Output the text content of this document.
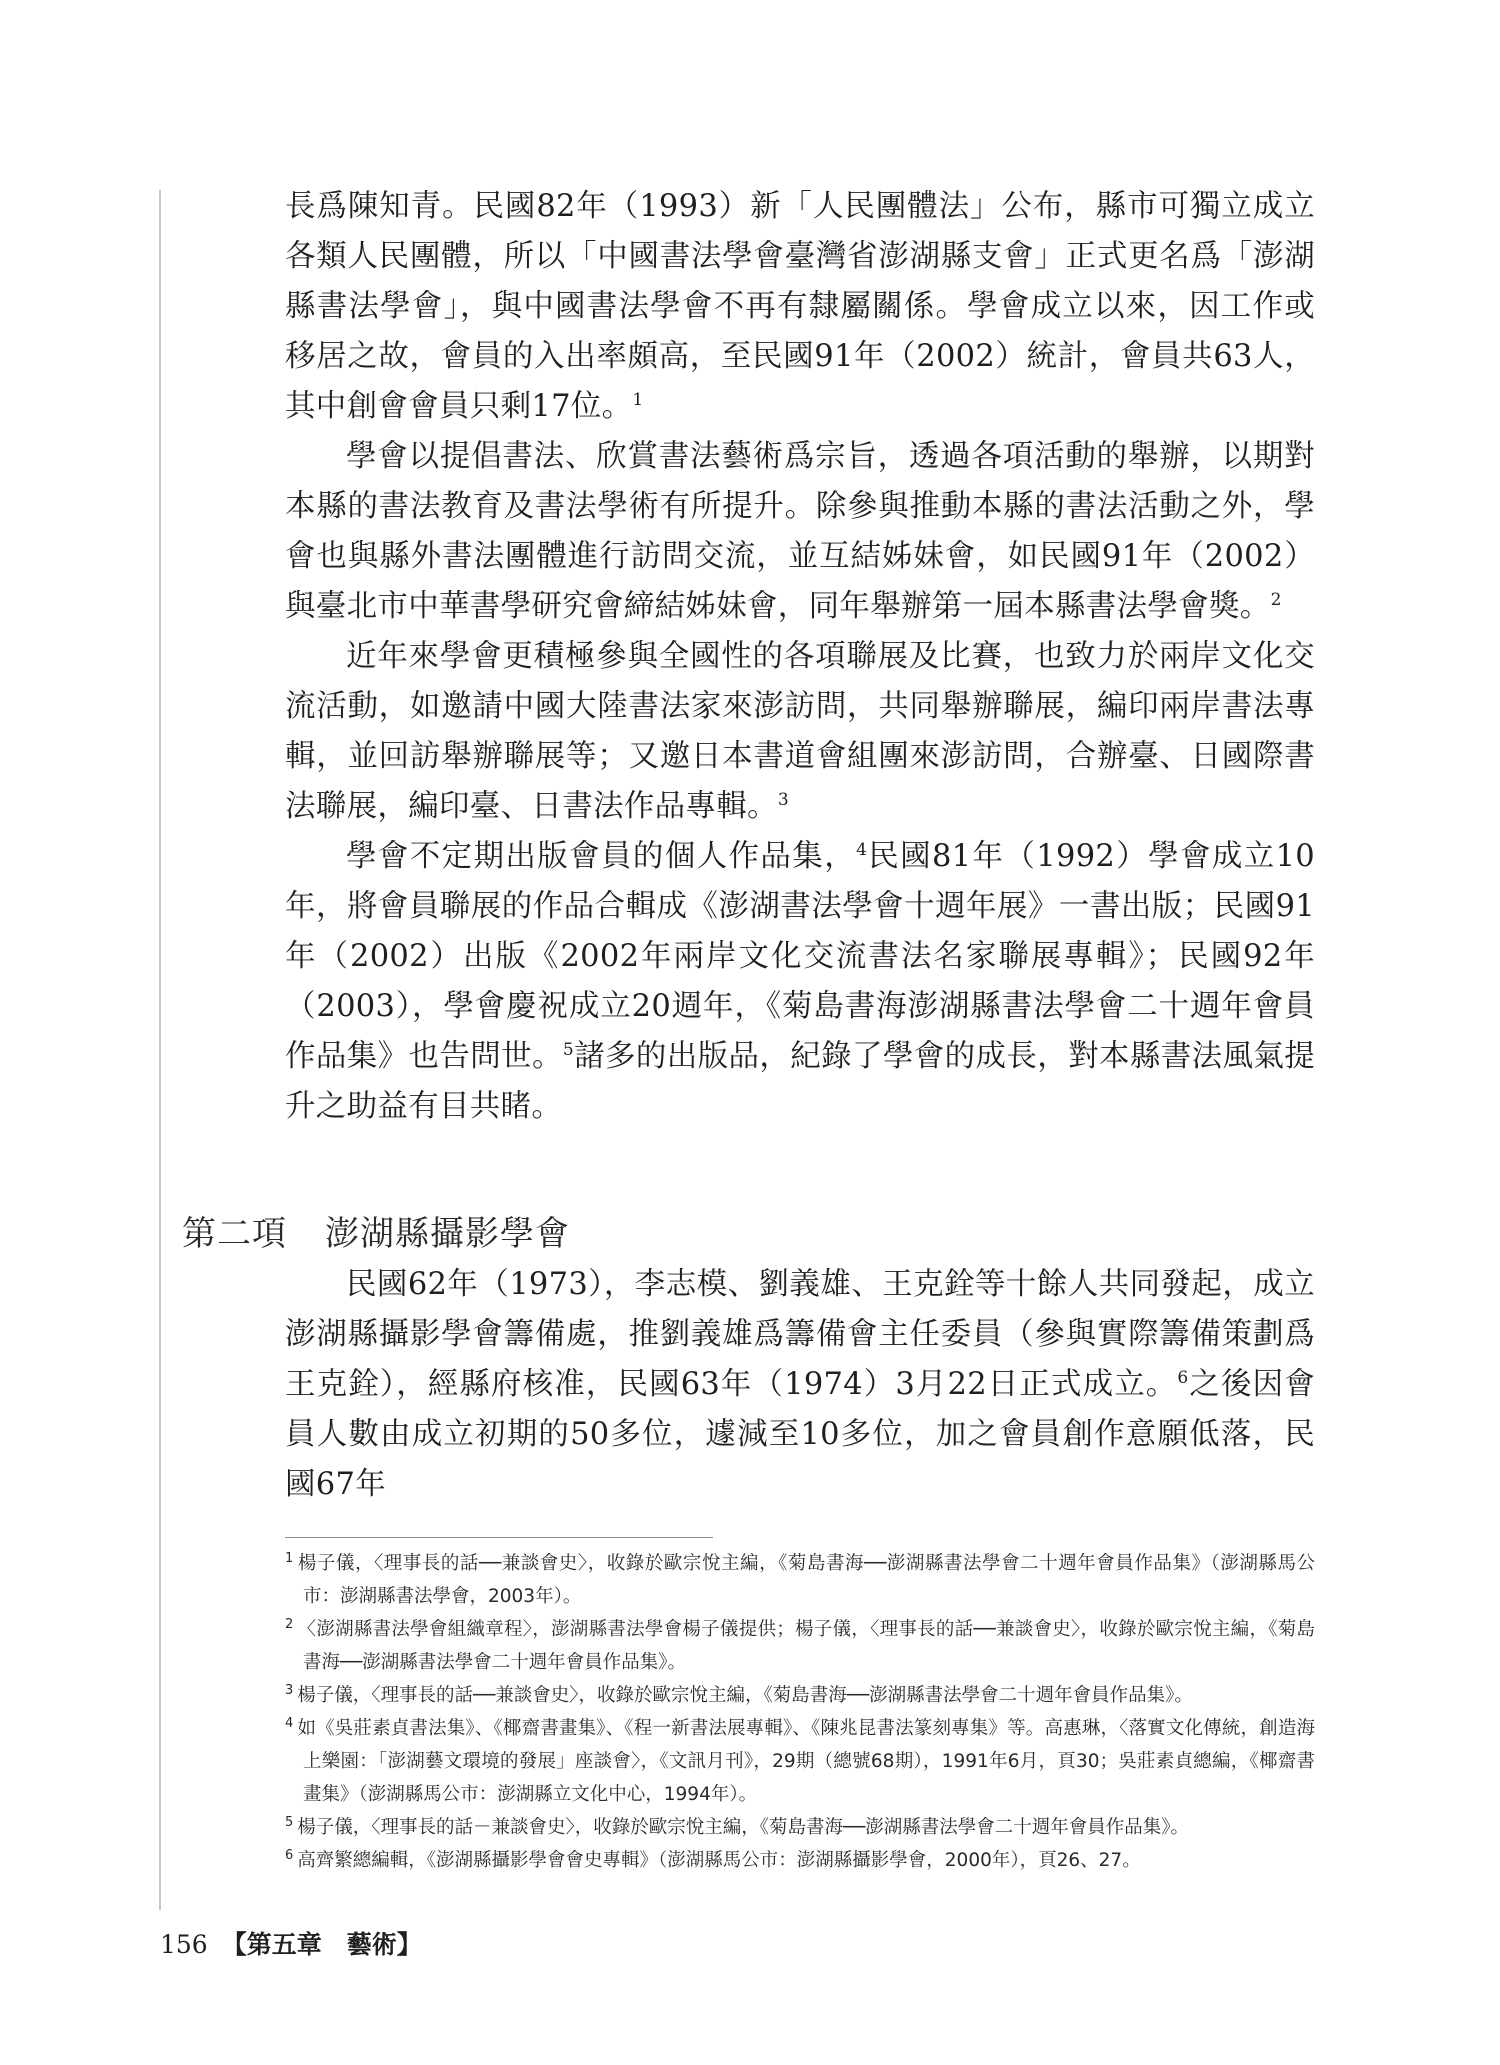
長爲陳知青。民國82年（1993）新「人民團體法」公布，縣市可獨立成立各類人民團體，所以「中國書法學會臺灣省澎湖縣支會」正式更名爲「澎湖縣書法學會」，與中國書法學會不再有隸屬關係。學會成立以來，因工作或移居之故，會員的入出率頗高，至民國91年（2002）統計，會員共63人，其中創會會員只剩17位。$^1$

學會以提倡書法、欣賞書法藝術爲宗旨，透過各項活動的舉辦，以期對本縣的書法教育及書法學術有所提升。除參與推動本縣的書法活動之外，學會也與縣外書法團體進行訪問交流，並互結姊妹會，如民國91年（2002）與臺北市中華書學研究會締結姊妹會，同年舉辦第一屆本縣書法學會獎。$^2$

近年來學會更積極參與全國性的各項聯展及比賽，也致力於兩岸文化交流活動，如邀請中國大陸書法家來澎訪問，共同舉辦聯展，編印兩岸書法專輯，並回訪舉辦聯展等；又邀日本書道會組團來澎訪問，合辦臺、日國際書法聯展，編印臺、日書法作品專輯。$^3$

學會不定期出版會員的個人作品集，$^4$民國81年（1992）學會成立10年，將會員聯展的作品合輯成《澎湖書法學會十週年展》一書出版；民國91年（2002）出版《2002年兩岸文化交流書法名家聯展專輯》；民國92年（2003），學會慶祝成立20週年，《菊島書海澎湖縣書法學會二十週年會員作品集》也告問世。$^5$諸多的出版品，紀錄了學會的成長，對本縣書法風氣提升之助益有目共睹。

第二項 澎湖縣攝影學會

民國62年（1973），李志模、劉義雄、王克銓等十餘人共同發起，成立澎湖縣攝影學會籌備處，推劉義雄爲籌備會主任委員（參與實際籌備策劃爲王克銓），經縣府核准，民國63年（1974）3月22日正式成立。$^6$之後因會員人數由成立初期的50多位，遽減至10多位，加之會員創作意願低落，民國67年

$^1$ 楊子儀，〈理事長的話──兼談會史〉，收錄於歐宗悅主編，《菊島書海──澎湖縣書法學會二十週年會員作品集》（澎湖縣馬公市：澎湖縣書法學會，2003年）。

$^2$ 〈澎湖縣書法學會組織章程〉，澎湖縣書法學會楊子儀提供；楊子儀，〈理事長的話──兼談會史〉，收錄於歐宗悅主編，《菊島書海──澎湖縣書法學會二十週年會員作品集》。

$^3$ 楊子儀，〈理事長的話──兼談會史〉，收錄於歐宗悅主編，《菊島書海──澎湖縣書法學會二十週年會員作品集》。

$^4$ 如《吳莊素貞書法集》、《椰齋書畫集》、《程一新書法展專輯》、《陳兆昆書法篆刻專集》等。高惠琳，〈落實文化傳統，創造海上樂園：「澎湖藝文環境的發展」座談會〉，《文訊月刊》，29期（總號68期），1991年6月，頁30；吳莊素貞總編，《椰齋書畫集》（澎湖縣馬公市：澎湖縣立文化中心，1994年）。

$^5$ 楊子儀，〈理事長的話－兼談會史〉，收錄於歐宗悅主編，《菊島書海──澎湖縣書法學會二十週年會員作品集》。

$^6$ 高齊繁總編輯，《澎湖縣攝影學會會史專輯》（澎湖縣馬公市：澎湖縣攝影學會，2000年），頁26、27。

156 【第五章　藝術】
